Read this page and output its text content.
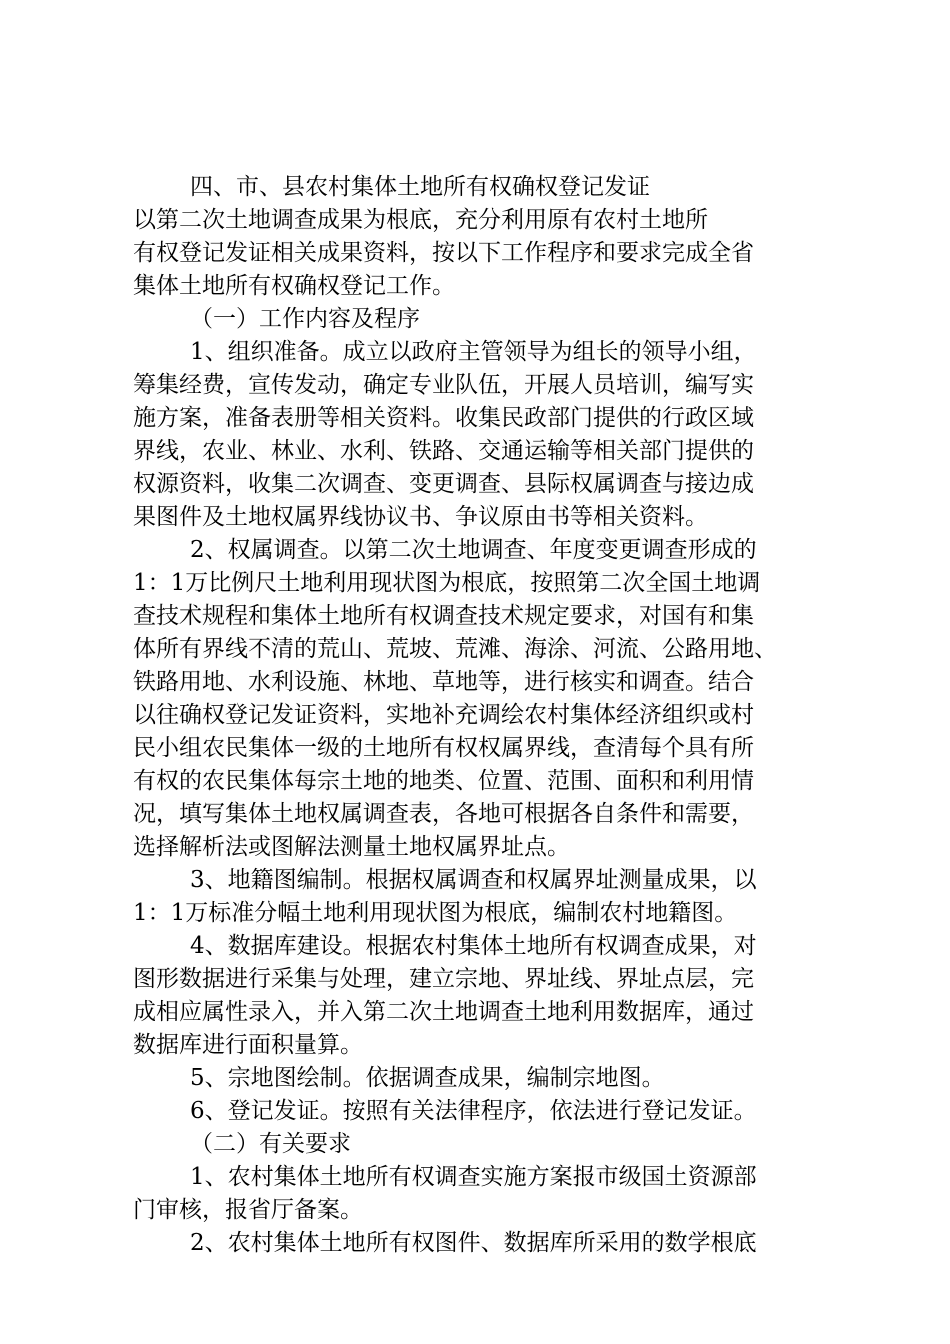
四、市、县农村集体土地所有权确权登记发证
以第二次土地调查成果为根底，充分利用原有农村土地所
有权登记发证相关成果资料，按以下工作程序和要求完成全省
集体土地所有权确权登记工作。
（一）工作内容及程序
1、组织准备。成立以政府主管领导为组长的领导小组，
筹集经费，宣传发动，确定专业队伍，开展人员培训，编写实
施方案，准备表册等相关资料。收集民政部门提供的行政区域
界线，农业、林业、水利、铁路、交通运输等相关部门提供的
权源资料，收集二次调查、变更调查、县际权属调查与接边成
果图件及土地权属界线协议书、争议原由书等相关资料。
2、权属调查。以第二次土地调查、年度变更调查形成的
1：1万比例尺土地利用现状图为根底，按照第二次全国土地调
查技术规程和集体土地所有权调查技术规定要求，对国有和集
体所有界线不清的荒山、荒坡、荒滩、海涂、河流、公路用地、
铁路用地、水利设施、林地、草地等，进行核实和调查。结合
以往确权登记发证资料，实地补充调绘农村集体经济组织或村
民小组农民集体一级的土地所有权权属界线，查清每个具有所
有权的农民集体每宗土地的地类、位置、范围、面积和利用情
况，填写集体土地权属调查表，各地可根据各自条件和需要，
选择解析法或图解法测量土地权属界址点。
3、地籍图编制。根据权属调查和权属界址测量成果，以
1：1万标准分幅土地利用现状图为根底，编制农村地籍图。
4、数据库建设。根据农村集体土地所有权调查成果，对
图形数据进行采集与处理，建立宗地、界址线、界址点层，完
成相应属性录入，并入第二次土地调查土地利用数据库，通过
数据库进行面积量算。
5、宗地图绘制。依据调查成果，编制宗地图。
6、登记发证。按照有关法律程序，依法进行登记发证。
（二）有关要求
1、农村集体土地所有权调查实施方案报市级国土资源部
门审核，报省厅备案。
2、农村集体土地所有权图件、数据库所采用的数学根底
